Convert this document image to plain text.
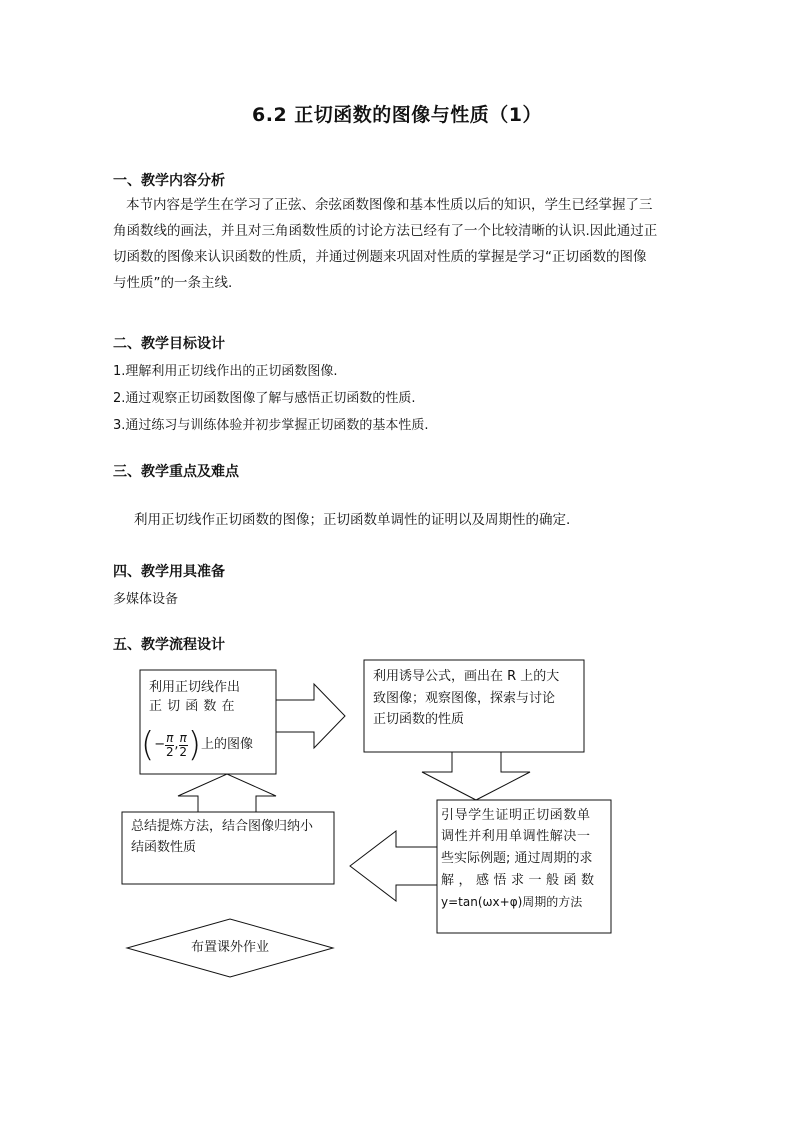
6.2 正切函数的图像与性质（1）
一、教学内容分析
本节内容是学生在学习了正弦、余弦函数图像和基本性质以后的知识，学生已经掌握了三
角函数线的画法，并且对三角函数性质的讨论方法已经有了一个比较清晰的认识.因此通过正
切函数的图像来认识函数的性质，并通过例题来巩固对性质的掌握是学习“正切函数的图像
与性质”的一条主线.
二、教学目标设计
1.理解利用正切线作出的正切函数图像.
2.通过观察正切函数图像了解与感悟正切函数的性质.
3.通过练习与训练体验并初步掌握正切函数的基本性质.
三、教学重点及难点
利用正切线作正切函数的图像；正切函数单调性的证明以及周期性的确定.
四、教学用具准备
多媒体设备
五、教学流程设计
利用正切线作出
正 切 函 数 在
(− $\frac{\pi}{2}$ , $\frac{\pi}{2}$ )上的图像
利用诱导公式，画出在 R 上的大
致图像；观察图像，探索与讨论
正切函数的性质
引导学生证明正切函数单
调性并利用单调性解决一
些实际例题; 通过周期的求
解，感悟求一般函数
y=tan(ωx+φ)周期的方法
总结提炼方法，结合图像归纳小
结函数性质
布置课外作业
